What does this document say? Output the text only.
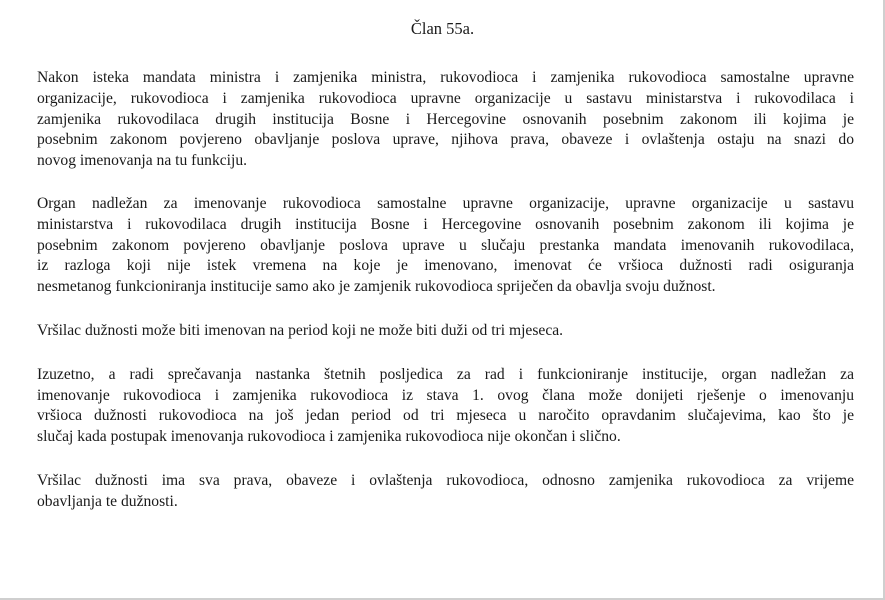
Član 55a.

Nakon isteka mandata ministra i zamjenika ministra, rukovodioca i zamjenika rukovodioca samostalne upravne
organizacije, rukovodioca i zamjenika rukovodioca upravne organizacije u sastavu ministarstva i rukovodilaca i
zamjenika rukovodilaca drugih institucija Bosne i Hercegovine osnovanih posebnim zakonom ili kojima je
posebnim zakonom povjereno obavljanje poslova uprave, njihova prava, obaveze i ovlaštenja ostaju na snazi do
novog imenovanja na tu funkciju.

Organ nadležan za imenovanje rukovodioca samostalne upravne organizacije, upravne organizacije u sastavu
ministarstva i rukovodilaca drugih institucija Bosne i Hercegovine osnovanih posebnim zakonom ili kojima je
posebnim zakonom povjereno obavljanje poslova uprave u slučaju prestanka mandata imenovanih rukovodilaca,
iz razloga koji nije istek vremena na koje je imenovano, imenovat će vršioca dužnosti radi osiguranja
nesmetanog funkcioniranja institucije samo ako je zamjenik rukovodioca spriječen da obavlja svoju dužnost.

Vršilac dužnosti može biti imenovan na period koji ne može biti duži od tri mjeseca.

Izuzetno, a radi sprečavanja nastanka štetnih posljedica za rad i funkcioniranje institucije, organ nadležan za
imenovanje rukovodioca i zamjenika rukovodioca iz stava 1. ovog člana može donijeti rješenje o imenovanju
vršioca dužnosti rukovodioca na još jedan period od tri mjeseca u naročito opravdanim slučajevima, kao što je
slučaj kada postupak imenovanja rukovodioca i zamjenika rukovodioca nije okončan i slično.

Vršilac dužnosti ima sva prava, obaveze i ovlaštenja rukovodioca, odnosno zamjenika rukovodioca za vrijeme
obavljanja te dužnosti.
